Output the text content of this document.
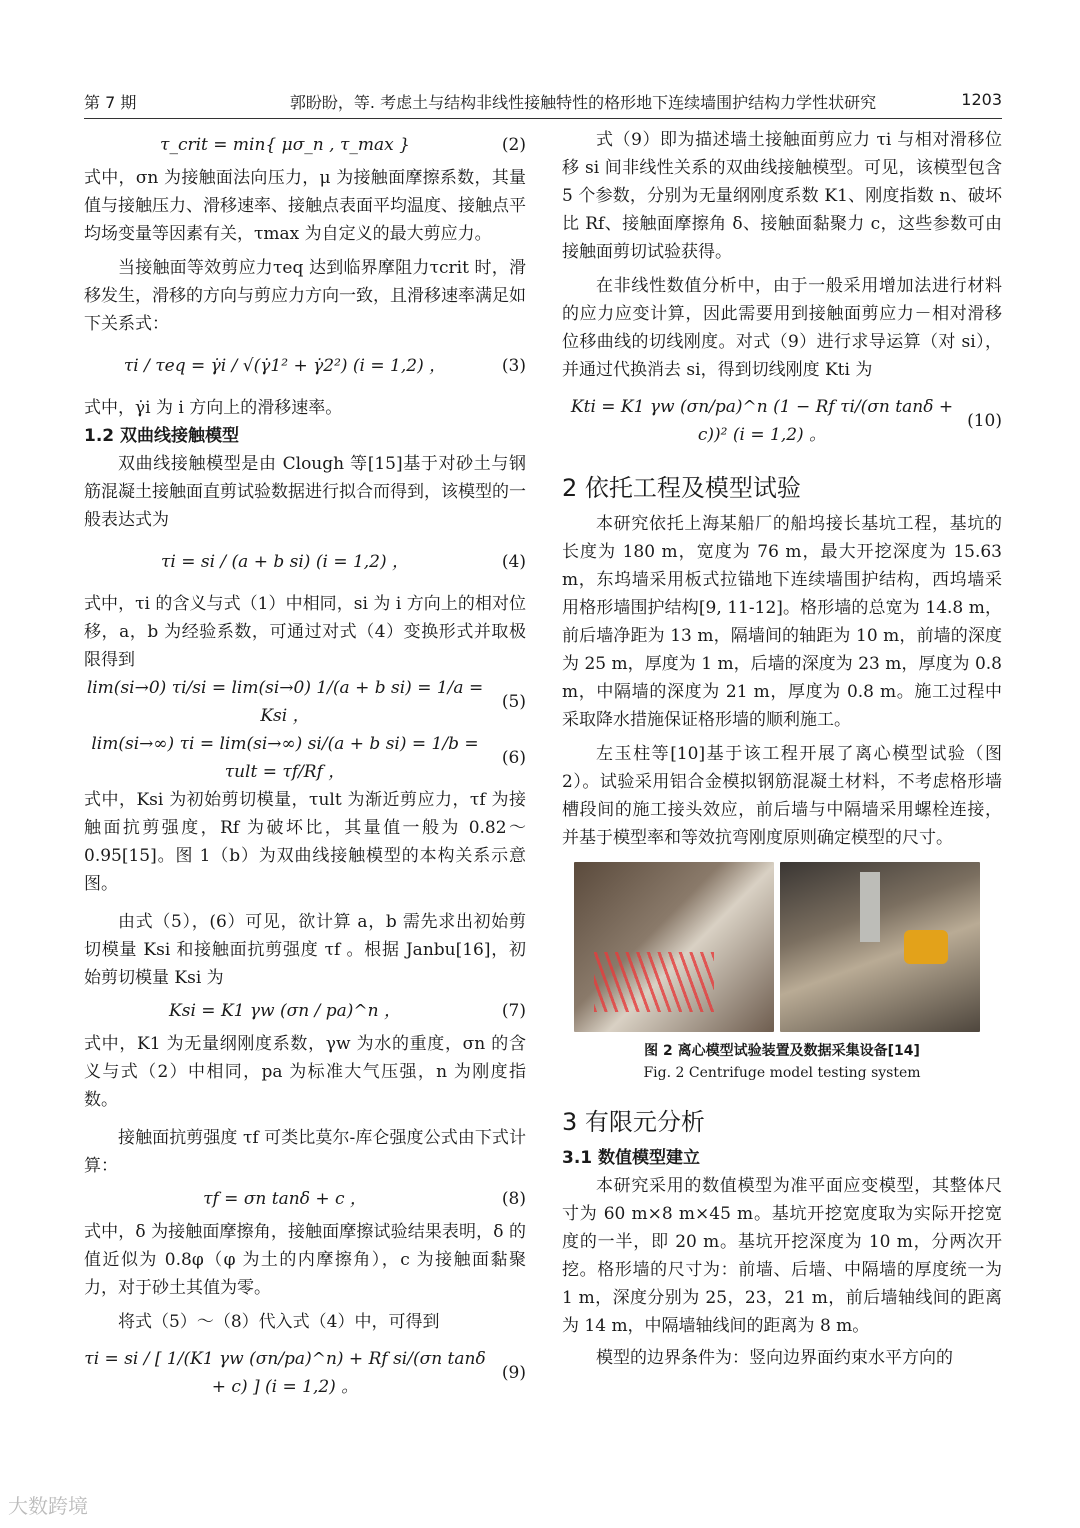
第 7 期	郭盼盼，等. 考虑土与结构非线性接触特性的格形地下连续墙围护结构力学性状研究	1203
τ_crit = min{ μσ_n , τ_max }	(2)

式中，σn 为接触面法向压力，μ 为接触面摩擦系数，其量值与接触压力、滑移速率、接触点表面平均温度、接触点平均场变量等因素有关，τmax 为自定义的最大剪应力。

当接触面等效剪应力τeq 达到临界摩阻力τcrit 时，滑移发生，滑移的方向与剪应力方向一致，且滑移速率满足如下关系式：

τi / τeq = γ̇i / √(γ̇1² + γ̇2²) (i = 1,2) ，	(3)

式中，γ̇i 为 i 方向上的滑移速率。

1.2 双曲线接触模型

双曲线接触模型是由 Clough 等[15]基于对砂土与钢筋混凝土接触面直剪试验数据进行拟合而得到，该模型的一般表达式为

τi = si / (a + b si) (i = 1,2) ，	(4)

式中，τi 的含义与式（1）中相同，si 为 i 方向上的相对位移，a，b 为经验系数，可通过对式（4）变换形式并取极限得到

lim(si→0) τi/si = lim(si→0) 1/(a + b si) = 1/a = Ksi ，
(5)
lim(si→∞) τi = lim(si→∞) si/(a + b si) = 1/b = τult = τf/Rf ，
(6)

式中，Ksi 为初始剪切模量，τult 为渐近剪应力，τf 为接触面抗剪强度，Rf 为破坏比，其量值一般为 0.82～0.95[15]。图 1（b）为双曲线接触模型的本构关系示意图。

由式（5），(6）可见，欲计算 a，b 需先求出初始剪切模量 Ksi 和接触面抗剪强度 τf 。根据 Janbu[16]，初始剪切模量 Ksi 为

Ksi = K1 γw (σn / pa)^n ，	(7)

式中，K1 为无量纲刚度系数，γw 为水的重度，σn 的含义与式（2）中相同，pa 为标准大气压强，n 为刚度指数。

接触面抗剪强度 τf 可类比莫尔-库仑强度公式由下式计算：

τf = σn tanδ + c ，	(8)

式中，δ 为接触面摩擦角，接触面摩擦试验结果表明，δ 的值近似为 0.8φ（φ 为土的内摩擦角），c 为接触面黏聚力，对于砂土其值为零。

将式（5）～（8）代入式（4）中，可得到

τi = si / [ 1/(K1 γw (σn/pa)^n) + Rf si/(σn tanδ + c) ] (i = 1,2) 。
(9)

式（9）即为描述墙土接触面剪应力 τi 与相对滑移位移 si 间非线性关系的双曲线接触模型。可见，该模型包含 5 个参数，分别为无量纲刚度系数 K1、刚度指数 n、破坏比 Rf、接触面摩擦角 δ、接触面黏聚力 c，这些参数可由接触面剪切试验获得。

在非线性数值分析中，由于一般采用增加法进行材料的应力应变计算，因此需要用到接触面剪应力－相对滑移位移曲线的切线刚度。对式（9）进行求导运算（对 si），并通过代换消去 si，得到切线刚度 Kti 为

Kti = K1 γw (σn/pa)^n (1 − Rf τi/(σn tanδ + c))² (i = 1,2) 。
(10)
2 依托工程及模型试验

本研究依托上海某船厂的船坞接长基坑工程，基坑的长度为 180 m，宽度为 76 m，最大开挖深度为 15.63 m，东坞墙采用板式拉锚地下连续墙围护结构，西坞墙采用格形墙围护结构[9, 11-12]。格形墙的总宽为 14.8 m，前后墙净距为 13 m，隔墙间的轴距为 10 m，前墙的深度为 25 m，厚度为 1 m，后墙的深度为 23 m，厚度为 0.8 m，中隔墙的深度为 21 m，厚度为 0.8 m。施工过程中采取降水措施保证格形墙的顺利施工。

左玉柱等[10]基于该工程开展了离心模型试验（图 2）。试验采用铝合金模拟钢筋混凝土材料，不考虑格形墙槽段间的施工接头效应，前后墙与中隔墙采用螺栓连接，并基于模型率和等效抗弯刚度原则确定模型的尺寸。

图 2 离心模型试验装置及数据采集设备[14]
Fig. 2 Centrifuge model testing system
3 有限元分析
3.1 数值模型建立

本研究采用的数值模型为准平面应变模型，其整体尺寸为 60 m×8 m×45 m。基坑开挖宽度取为实际开挖宽度的一半，即 20 m。基坑开挖深度为 10 m，分两次开挖。格形墙的尺寸为：前墙、后墙、中隔墙的厚度统一为 1 m，深度分别为 25，23，21 m，前后墙轴线间的距离为 14 m，中隔墙轴线间的距离为 8 m。

模型的边界条件为：竖向边界面约束水平方向的

大数跨境
